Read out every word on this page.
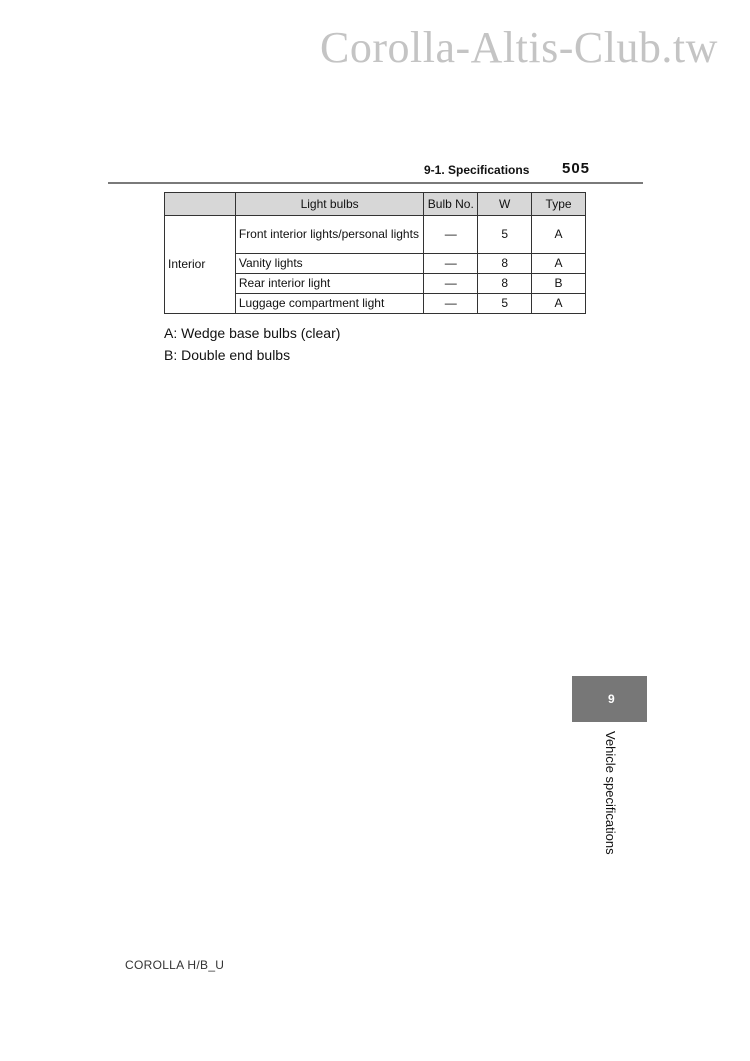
Corolla-Altis-Club.tw
9-1. Specifications 505
	Light bulbs	Bulb No.	W	Type
Interior	Front interior lights/personal lights	—	5	A
	Vanity lights	—	8	A
	Rear interior light	—	8	B
	Luggage compartment light	—	5	A

A: Wedge base bulbs (clear)

B: Double end bulbs

9
Vehicle specifications
COROLLA H/B_U
